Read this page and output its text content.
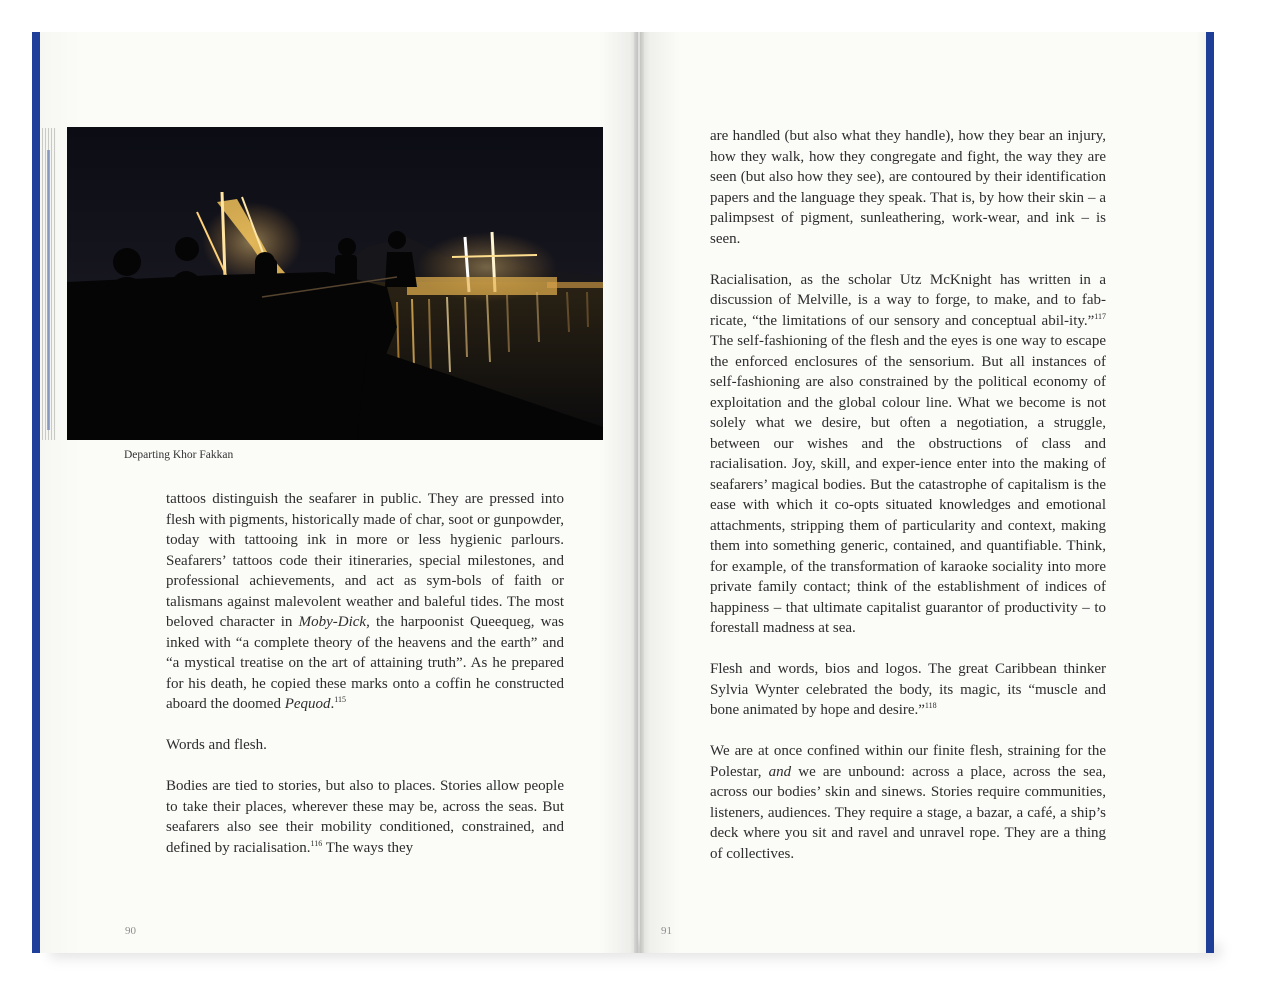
Departing Khor Fakkan

tattoos distinguish the seafarer in public. They are pressed into flesh with pigments, historically made of char, soot or gunpowder, today with tattooing ink in more or less hygienic parlours. Seafarers’ tattoos code their itineraries, special milestones, and professional achievements, and act as sym-bols of faith or talismans against malevolent weather and baleful tides. The most beloved character in Moby-Dick, the harpoonist Queequeg, was inked with “a complete theory of the heavens and the earth” and “a mystical treatise on the art of attaining truth”. As he prepared for his death, he copied these marks onto a coffin he constructed aboard the doomed Pequod.$^{115}$

Words and flesh.

Bodies are tied to stories, but also to places. Stories allow people to take their places, wherever these may be, across the seas. But seafarers also see their mobility conditioned, constrained, and defined by racialisation.$^{116}$ The ways they

are handled (but also what they handle), how they bear an injury, how they walk, how they congregate and fight, the way they are seen (but also how they see), are contoured by their identification papers and the language they speak. That is, by how their skin – a palimpsest of pigment, sunleathering, work-wear, and ink – is seen.

Racialisation, as the scholar Utz McKnight has written in a discussion of Melville, is a way to forge, to make, and to fab-ricate, “the limitations of our sensory and conceptual abil-ity.”$^{117}$ The self-fashioning of the flesh and the eyes is one way to escape the enforced enclosures of the sensorium. But all instances of self-fashioning are also constrained by the political economy of exploitation and the global colour line. What we become is not solely what we desire, but often a negotiation, a struggle, between our wishes and the obstructions of class and racialisation. Joy, skill, and exper-ience enter into the making of seafarers’ magical bodies. But the catastrophe of capitalism is the ease with which it co-opts situated knowledges and emotional attachments, stripping them of particularity and context, making them into something generic, contained, and quantifiable. Think, for example, of the transformation of karaoke sociality into more private family contact; think of the establishment of indices of happiness – that ultimate capitalist guarantor of productivity – to forestall madness at sea.

Flesh and words, bios and logos. The great Caribbean thinker Sylvia Wynter celebrated the body, its magic, its “muscle and bone animated by hope and desire.”$^{118}$

We are at once confined within our finite flesh, straining for the Polestar, and we are unbound: across a place, across the sea, across our bodies’ skin and sinews. Stories require communities, listeners, audiences. They require a stage, a bazar, a café, a ship’s deck where you sit and ravel and unravel rope. They are a thing of collectives.

90	91
